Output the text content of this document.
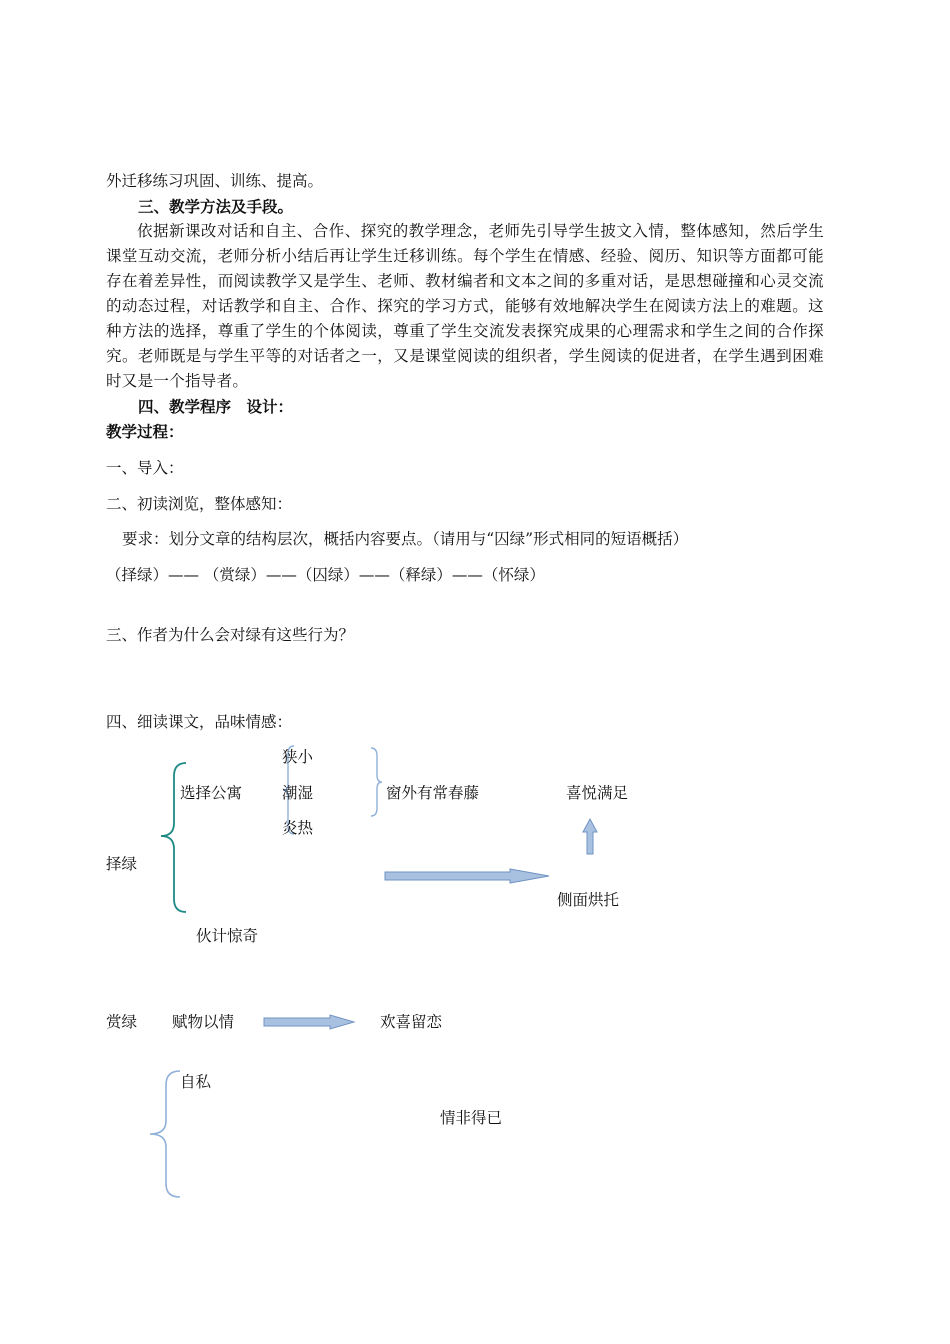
外迁移练习巩固、训练、提高。
三、教学方法及手段。
依据新课改对话和自主、合作、探究的教学理念，老师先引导学生披文入情，整体感知，然后学生课堂互动交流，老师分析小结后再让学生迁移训练。每个学生在情感、经验、阅历、知识等方面都可能存在着差异性，而阅读教学又是学生、老师、教材编者和文本之间的多重对话，是思想碰撞和心灵交流的动态过程，对话教学和自主、合作、探究的学习方式，能够有效地解决学生在阅读方法上的难题。这种方法的选择，尊重了学生的个体阅读，尊重了学生交流发表探究成果的心理需求和学生之间的合作探究。老师既是与学生平等的对话者之一，又是课堂阅读的组织者，学生阅读的促进者，在学生遇到困难时又是一个指导者。
四、教学程序　设计：
教学过程：
一、导入：
二、初读浏览，整体感知：
要求：划分文章的结构层次，概括内容要点。（请用与“囚绿”形式相同的短语概括）
（择绿）—— （赏绿）——（囚绿）——（释绿）——（怀绿）
三、作者为什么会对绿有这些行为？
四、细读课文，品味情感：
狭小
选择公寓	潮湿	窗外有常春藤	喜悦满足
炎热
择绿
侧面烘托
伙计惊奇
赏绿 赋物以情	欢喜留恋
自私
情非得已
